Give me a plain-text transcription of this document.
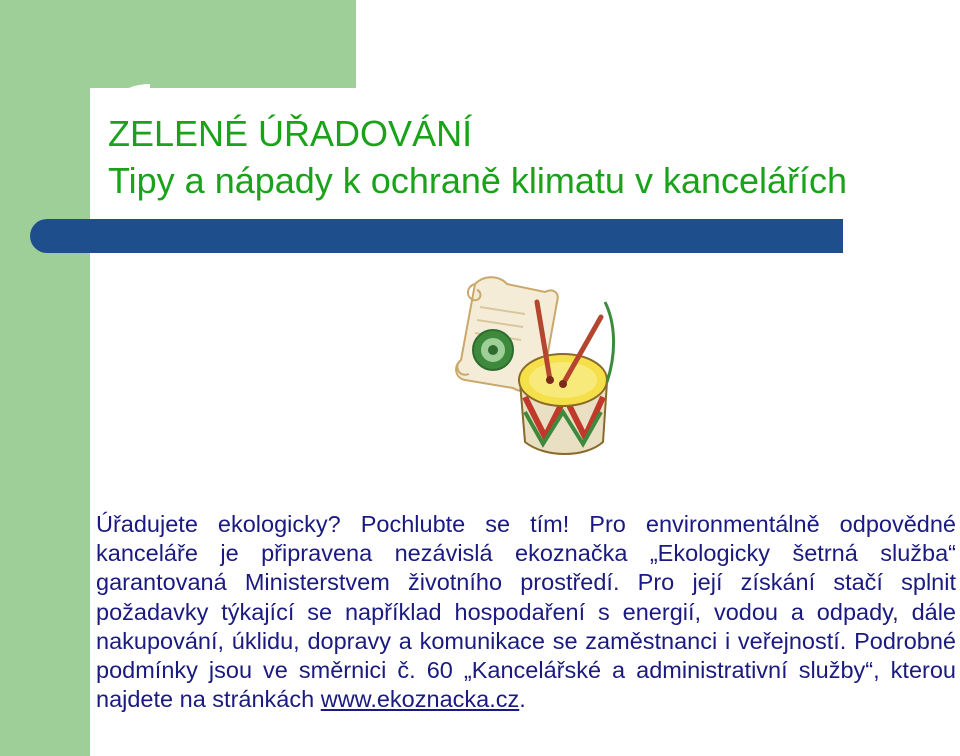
ZELENÉ ÚŘADOVÁNÍ
Tipy a nápady k ochraně klimatu v kancelářích

Úřadujete ekologicky? Pochlubte se tím! Pro environmentálně odpovědné kanceláře je připravena nezávislá ekoznačka „Ekologicky šetrná služba“ garantovaná Ministerstvem životního prostředí. Pro její získání stačí splnit požadavky týkající se například hospodaření s energií, vodou a odpady, dále nakupování, úklidu, dopravy a komunikace se zaměstnanci i veřejností. Podrobné podmínky jsou ve směrnici č. 60 „Kancelářské a administrativní služby“, kterou najdete na stránkách www.ekoznacka.cz.
